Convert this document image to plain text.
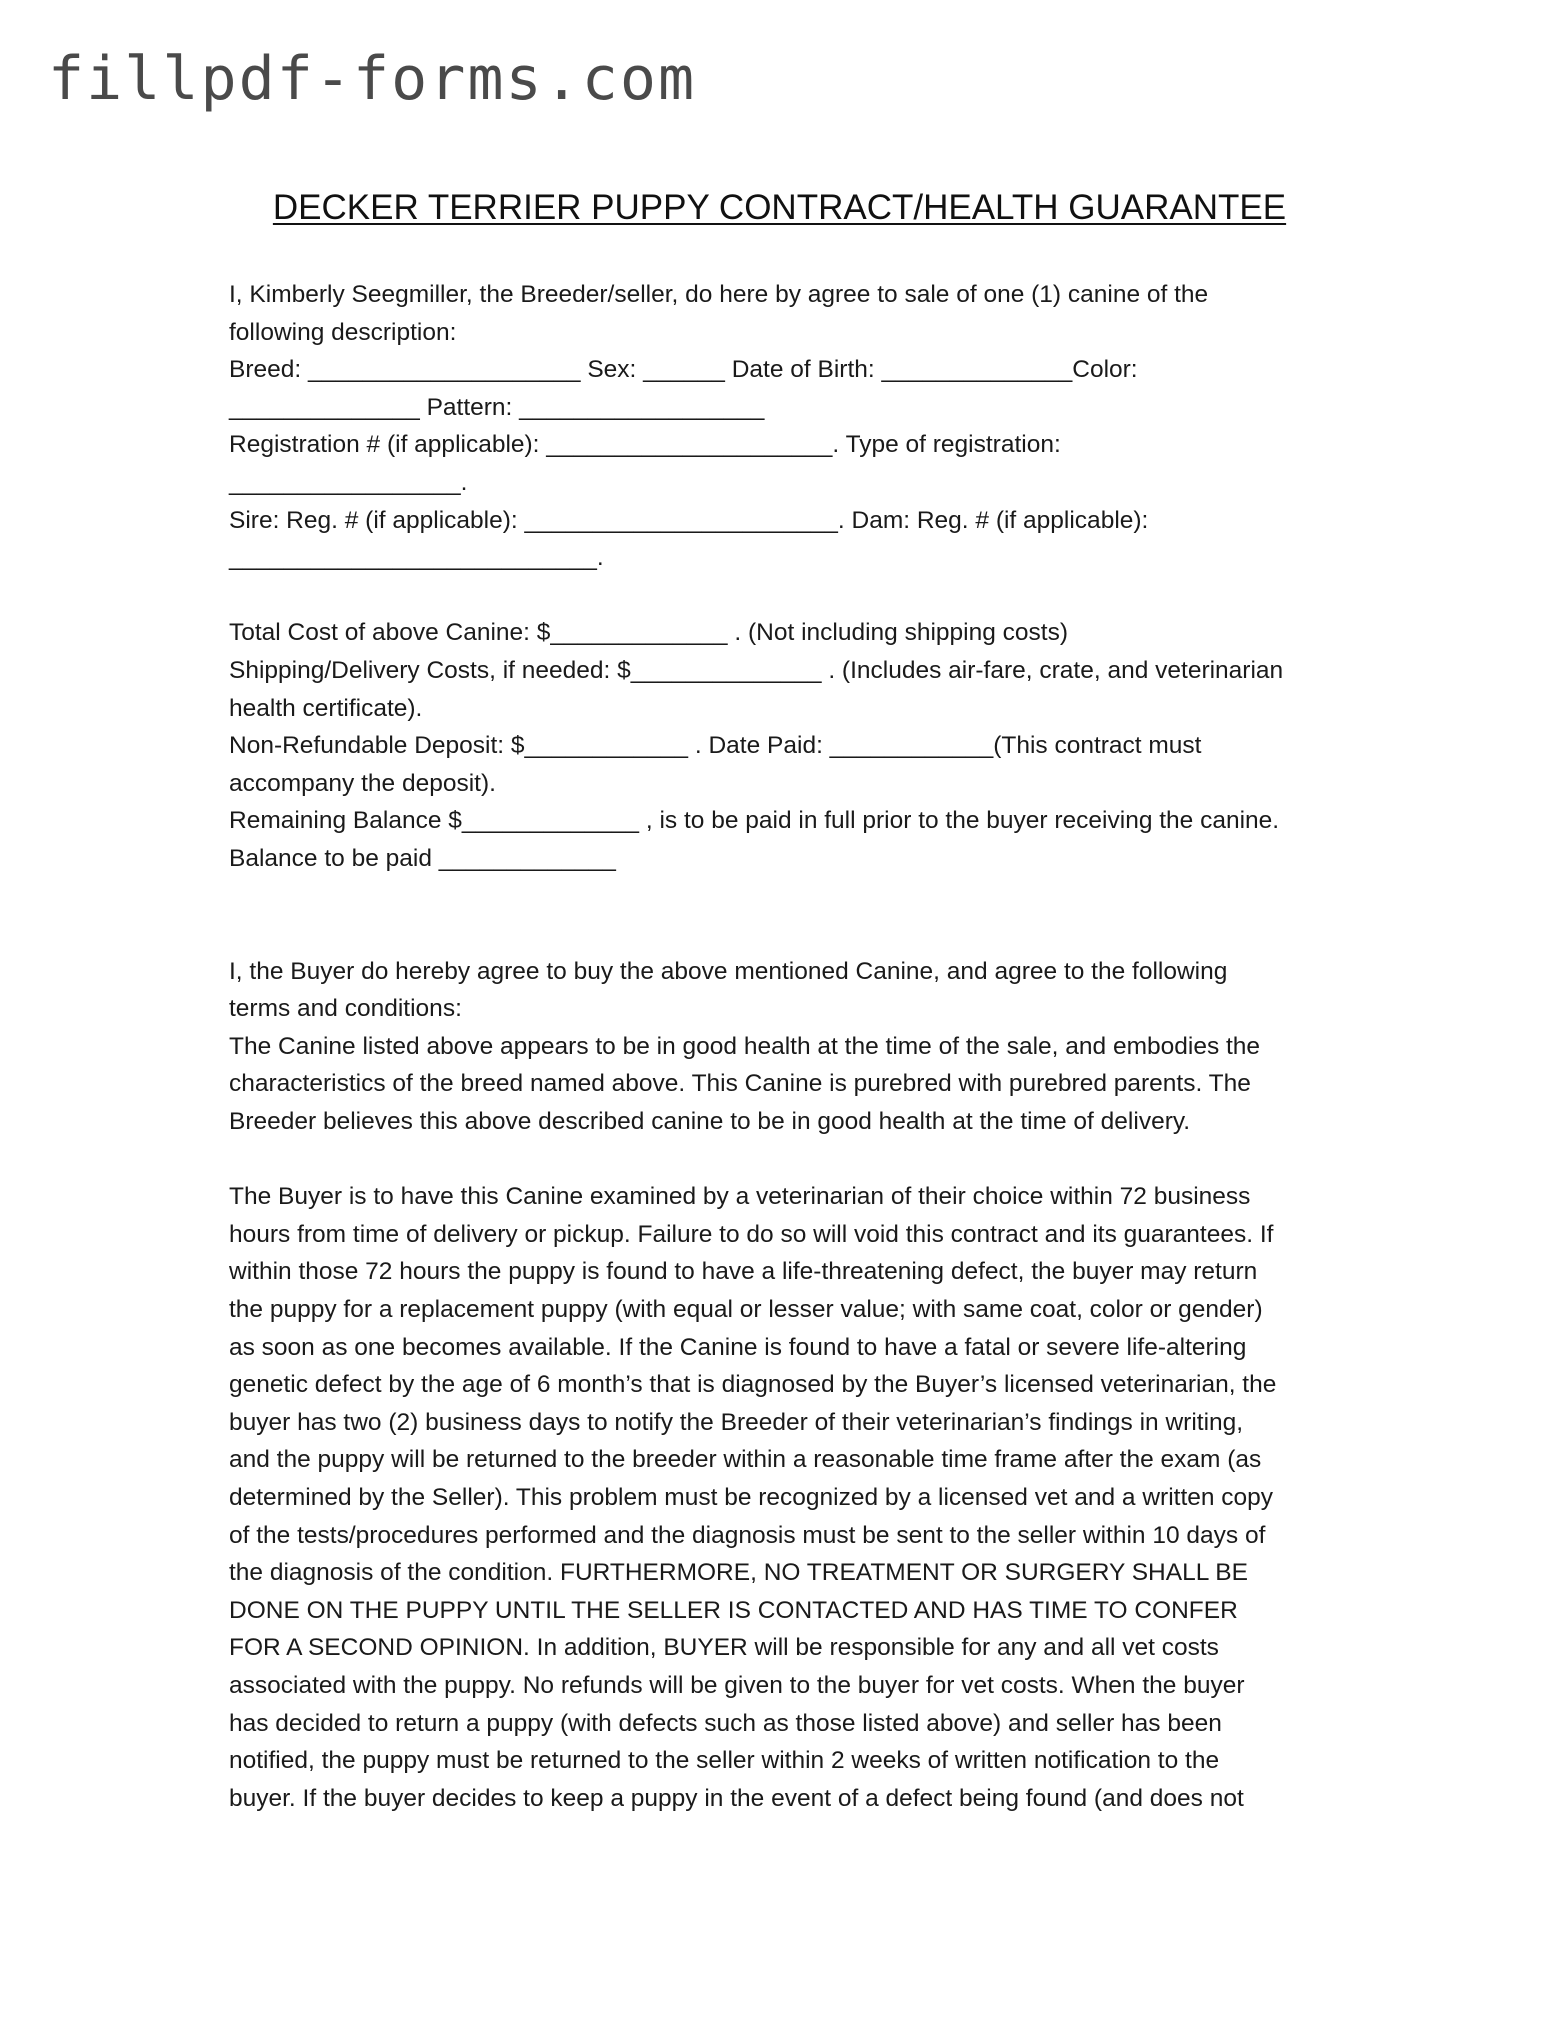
fillpdf-forms.com
DECKER TERRIER PUPPY CONTRACT/HEALTH GUARANTEE
I, Kimberly Seegmiller, the Breeder/seller, do here by agree to sale of one (1) canine of the
following description:
Breed: ____________________ Sex: ______ Date of Birth: ______________Color:
______________ Pattern: __________________
Registration # (if applicable): _____________________. Type of registration:
_________________.
Sire: Reg. # (if applicable): _______________________. Dam: Reg. # (if applicable):
___________________________.
Total Cost of above Canine: $_____________ . (Not including shipping costs)
Shipping/Delivery Costs, if needed: $______________ . (Includes air-fare, crate, and veterinarian
health certificate).
Non-Refundable Deposit: $____________ . Date Paid: ____________(This contract must
accompany the deposit).
Remaining Balance $_____________ , is to be paid in full prior to the buyer receiving the canine.
Balance to be paid _____________
I, the Buyer do hereby agree to buy the above mentioned Canine, and agree to the following
terms and conditions:
The Canine listed above appears to be in good health at the time of the sale, and embodies the
characteristics of the breed named above. This Canine is purebred with purebred parents. The
Breeder believes this above described canine to be in good health at the time of delivery.
The Buyer is to have this Canine examined by a veterinarian of their choice within 72 business
hours from time of delivery or pickup. Failure to do so will void this contract and its guarantees. If
within those 72 hours the puppy is found to have a life-threatening defect, the buyer may return
the puppy for a replacement puppy (with equal or lesser value; with same coat, color or gender)
as soon as one becomes available. If the Canine is found to have a fatal or severe life-altering
genetic defect by the age of 6 month’s that is diagnosed by the Buyer’s licensed veterinarian, the
buyer has two (2) business days to notify the Breeder of their veterinarian’s findings in writing,
and the puppy will be returned to the breeder within a reasonable time frame after the exam (as
determined by the Seller). This problem must be recognized by a licensed vet and a written copy
of the tests/procedures performed and the diagnosis must be sent to the seller within 10 days of
the diagnosis of the condition. FURTHERMORE, NO TREATMENT OR SURGERY SHALL BE
DONE ON THE PUPPY UNTIL THE SELLER IS CONTACTED AND HAS TIME TO CONFER
FOR A SECOND OPINION. In addition, BUYER will be responsible for any and all vet costs
associated with the puppy. No refunds will be given to the buyer for vet costs. When the buyer
has decided to return a puppy (with defects such as those listed above) and seller has been
notified, the puppy must be returned to the seller within 2 weeks of written notification to the
buyer. If the buyer decides to keep a puppy in the event of a defect being found (and does not
